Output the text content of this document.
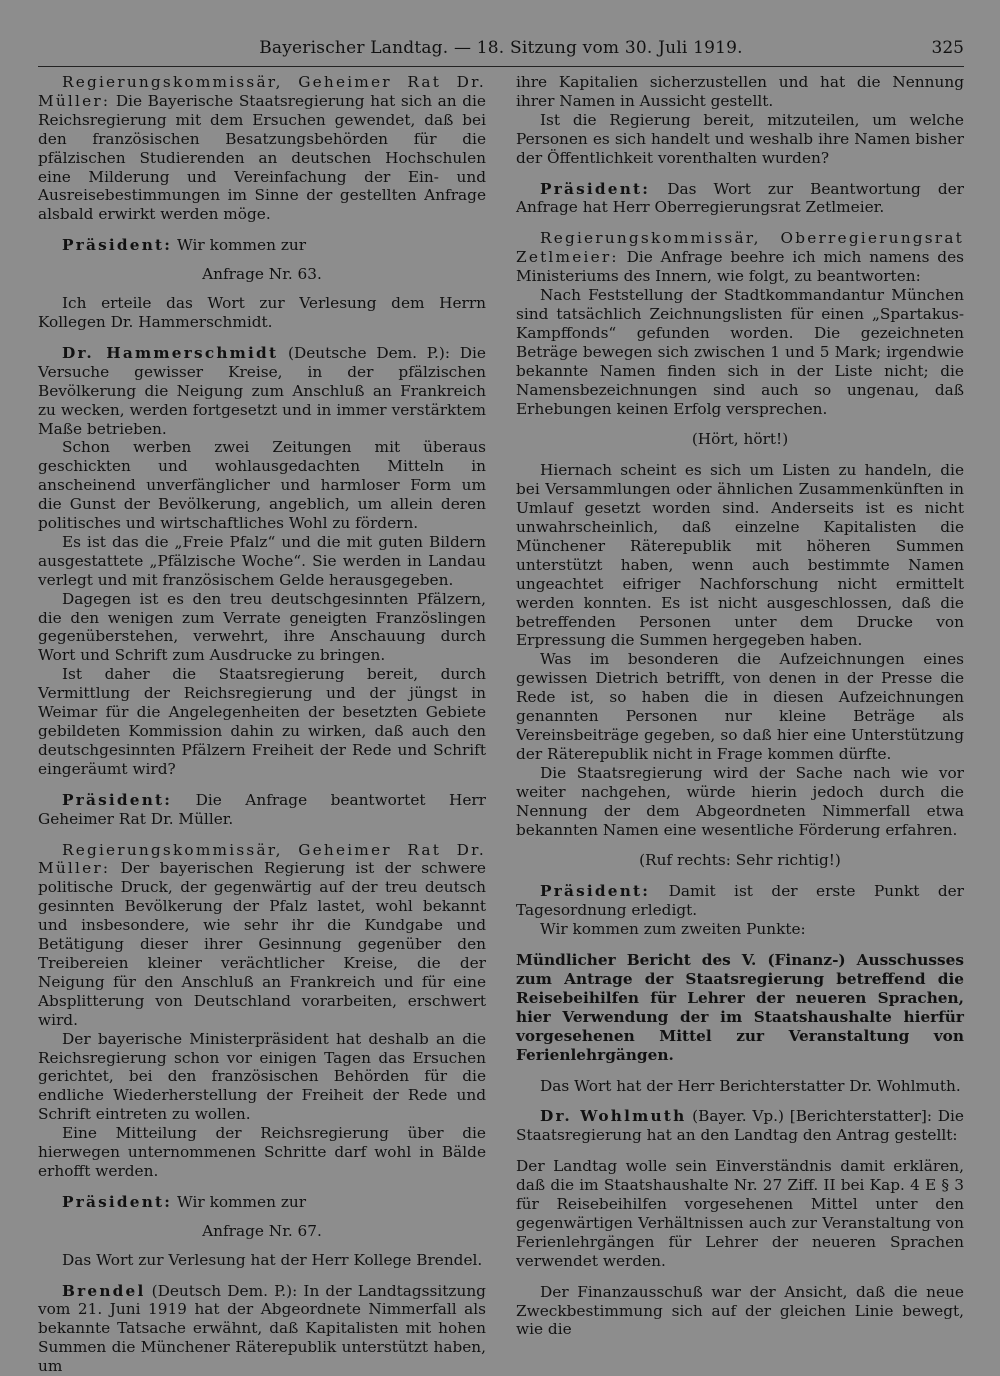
Bayerischer Landtag. — 18. Sitzung vom 30. Juli 1919.	325

Regierungskommissär, Geheimer Rat Dr. Müller: Die Bayerische Staatsregierung hat sich an die Reichsregierung mit dem Ersuchen gewendet, daß bei den französischen Besatzungsbehörden für die pfälzischen Studierenden an deutschen Hochschulen eine Milderung und Vereinfachung der Ein- und Ausreisebestimmungen im Sinne der gestellten Anfrage alsbald erwirkt werden möge.

Präsident: Wir kommen zur

Anfrage Nr. 63.

Ich erteile das Wort zur Verlesung dem Herrn Kollegen Dr. Hammerschmidt.

Dr. Hammerschmidt (Deutsche Dem. P.): Die Versuche gewisser Kreise, in der pfälzischen Bevölkerung die Neigung zum Anschluß an Frankreich zu wecken, werden fortgesetzt und in immer verstärktem Maße betrieben.

Schon werben zwei Zeitungen mit überaus geschickten und wohlausgedachten Mitteln in anscheinend unverfänglicher und harmloser Form um die Gunst der Bevölkerung, angeblich, um allein deren politisches und wirtschaftliches Wohl zu fördern.

Es ist das die „Freie Pfalz“ und die mit guten Bildern ausgestattete „Pfälzische Woche“. Sie werden in Landau verlegt und mit französischem Gelde herausgegeben.

Dagegen ist es den treu deutschgesinnten Pfälzern, die den wenigen zum Verrate geneigten Französlingen gegenüberstehen, verwehrt, ihre Anschauung durch Wort und Schrift zum Ausdrucke zu bringen.

Ist daher die Staatsregierung bereit, durch Vermittlung der Reichsregierung und der jüngst in Weimar für die Angelegenheiten der besetzten Gebiete gebildeten Kommission dahin zu wirken, daß auch den deutschgesinnten Pfälzern Freiheit der Rede und Schrift eingeräumt wird?

Präsident: Die Anfrage beantwortet Herr Geheimer Rat Dr. Müller.

Regierungskommissär, Geheimer Rat Dr. Müller: Der bayerischen Regierung ist der schwere politische Druck, der gegenwärtig auf der treu deutsch gesinnten Bevölkerung der Pfalz lastet, wohl bekannt und insbesondere, wie sehr ihr die Kundgabe und Betätigung dieser ihrer Gesinnung gegenüber den Treibereien kleiner verächtlicher Kreise, die der Neigung für den Anschluß an Frankreich und für eine Absplitterung von Deutschland vorarbeiten, erschwert wird.

Der bayerische Ministerpräsident hat deshalb an die Reichsregierung schon vor einigen Tagen das Ersuchen gerichtet, bei den französischen Behörden für die endliche Wiederherstellung der Freiheit der Rede und Schrift eintreten zu wollen.

Eine Mitteilung der Reichsregierung über die hierwegen unternommenen Schritte darf wohl in Bälde erhofft werden.

Präsident: Wir kommen zur

Anfrage Nr. 67.

Das Wort zur Verlesung hat der Herr Kollege Brendel.

Brendel (Deutsch Dem. P.): In der Landtagssitzung vom 21. Juni 1919 hat der Abgeordnete Nimmerfall als bekannte Tatsache erwähnt, daß Kapitalisten mit hohen Summen die Münchener Räterepublik unterstützt haben, um

ihre Kapitalien sicherzustellen und hat die Nennung ihrer Namen in Aussicht gestellt.

Ist die Regierung bereit, mitzuteilen, um welche Personen es sich handelt und weshalb ihre Namen bisher der Öffentlichkeit vorenthalten wurden?

Präsident: Das Wort zur Beantwortung der Anfrage hat Herr Oberregierungsrat Zetlmeier.

Regierungskommissär, Oberregierungsrat Zetlmeier: Die Anfrage beehre ich mich namens des Ministeriums des Innern, wie folgt, zu beantworten:

Nach Feststellung der Stadtkommandantur München sind tatsächlich Zeichnungslisten für einen „Spartakus-Kampffonds“ gefunden worden. Die gezeichneten Beträge bewegen sich zwischen 1 und 5 Mark; irgendwie bekannte Namen finden sich in der Liste nicht; die Namensbezeichnungen sind auch so ungenau, daß Erhebungen keinen Erfolg versprechen.

(Hört, hört!)

Hiernach scheint es sich um Listen zu handeln, die bei Versammlungen oder ähnlichen Zusammenkünften in Umlauf gesetzt worden sind. Anderseits ist es nicht unwahrscheinlich, daß einzelne Kapitalisten die Münchener Räterepublik mit höheren Summen unterstützt haben, wenn auch bestimmte Namen ungeachtet eifriger Nachforschung nicht ermittelt werden konnten. Es ist nicht ausgeschlossen, daß die betreffenden Personen unter dem Drucke von Erpressung die Summen hergegeben haben.

Was im besonderen die Aufzeichnungen eines gewissen Dietrich betrifft, von denen in der Presse die Rede ist, so haben die in diesen Aufzeichnungen genannten Personen nur kleine Beträge als Vereinsbeiträge gegeben, so daß hier eine Unterstützung der Räterepublik nicht in Frage kommen dürfte.

Die Staatsregierung wird der Sache nach wie vor weiter nachgehen, würde hierin jedoch durch die Nennung der dem Abgeordneten Nimmerfall etwa bekannten Namen eine wesentliche Förderung erfahren.

(Ruf rechts: Sehr richtig!)

Präsident: Damit ist der erste Punkt der Tagesordnung erledigt.

Wir kommen zum zweiten Punkte:

Mündlicher Bericht des V. (Finanz-) Ausschusses zum Antrage der Staatsregierung betreffend die Reisebeihilfen für Lehrer der neueren Sprachen, hier Verwendung der im Staatshaushalte hierfür vorgesehenen Mittel zur Veranstaltung von Ferienlehrgängen.

Das Wort hat der Herr Berichterstatter Dr. Wohlmuth.

Dr. Wohlmuth (Bayer. Vp.) [Berichterstatter]: Die Staatsregierung hat an den Landtag den Antrag gestellt:

Der Landtag wolle sein Einverständnis damit erklären, daß die im Staatshaushalte Nr. 27 Ziff. II bei Kap. 4 E § 3 für Reisebeihilfen vorgesehenen Mittel unter den gegenwärtigen Verhältnissen auch zur Veranstaltung von Ferienlehrgängen für Lehrer der neueren Sprachen verwendet werden.

Der Finanzausschuß war der Ansicht, daß die neue Zweckbestimmung sich auf der gleichen Linie bewegt, wie die
